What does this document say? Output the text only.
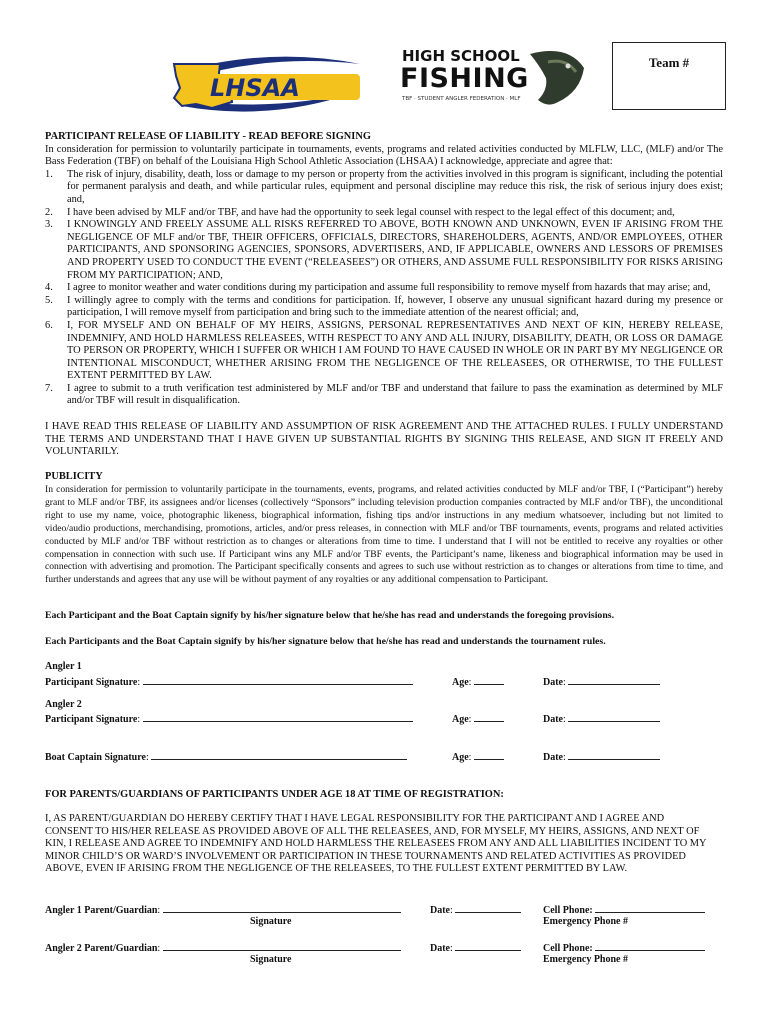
LHSAA
HIGH SCHOOL
FISHING
TBF · STUDENT ANGLER FEDERATION · MLF
Team #
PARTICIPANT RELEASE OF LIABILITY - READ BEFORE SIGNING

In consideration for permission to voluntarily participate in tournaments, events, programs and related activities conducted by MLFLW, LLC, (MLF) and/or The Bass Federation (TBF) on behalf of the Louisiana High School Athletic Association (LHSAA) I acknowledge, appreciate and agree that:

1. The risk of injury, disability, death, loss or damage to my person or property from the activities involved in this program is significant, including the potential for permanent paralysis and death, and while particular rules, equipment and personal discipline may reduce this risk, the risk of serious injury does exist; and,
2. I have been advised by MLF and/or TBF, and have had the opportunity to seek legal counsel with respect to the legal effect of this document; and,
3. I KNOWINGLY AND FREELY ASSUME ALL RISKS REFERRED TO ABOVE, BOTH KNOWN AND UNKNOWN, EVEN IF ARISING FROM THE NEGLIGENCE OF MLF and/or TBF, THEIR OFFICERS, OFFICIALS, DIRECTORS, SHAREHOLDERS, AGENTS, AND/OR EMPLOYEES, OTHER PARTICIPANTS, AND SPONSORING AGENCIES, SPONSORS, ADVERTISERS, AND, IF APPLICABLE, OWNERS AND LESSORS OF PREMISES AND PROPERTY USED TO CONDUCT THE EVENT (“RELEASEES”) OR OTHERS, AND ASSUME FULL RESPONSIBILITY FOR RISKS ARISING FROM MY PARTICIPATION; AND,
4. I agree to monitor weather and water conditions during my participation and assume full responsibility to remove myself from hazards that may arise; and,
5. I willingly agree to comply with the terms and conditions for participation. If, however, I observe any unusual significant hazard during my presence or participation, I will remove myself from participation and bring such to the immediate attention of the nearest official; and,
6. I, FOR MYSELF AND ON BEHALF OF MY HEIRS, ASSIGNS, PERSONAL REPRESENTATIVES AND NEXT OF KIN, HEREBY RELEASE, INDEMNIFY, AND HOLD HARMLESS RELEASEES, WITH RESPECT TO ANY AND ALL INJURY, DISABILITY, DEATH, OR LOSS OR DAMAGE TO PERSON OR PROPERTY, WHICH I SUFFER OR WHICH I AM FOUND TO HAVE CAUSED IN WHOLE OR IN PART BY MY NEGLIGENCE OR INTENTIONAL MISCONDUCT, WHETHER ARISING FROM THE NEGLIGENCE OF THE RELEASEES, OR OTHERWISE, TO THE FULLEST EXTENT PERMITTED BY LAW.
7. I agree to submit to a truth verification test administered by MLF and/or TBF and understand that failure to pass the examination as determined by MLF and/or TBF will result in disqualification.

I HAVE READ THIS RELEASE OF LIABILITY AND ASSUMPTION OF RISK AGREEMENT AND THE ATTACHED RULES. I FULLY UNDERSTAND THE TERMS AND UNDERSTAND THAT I HAVE GIVEN UP SUBSTANTIAL RIGHTS BY SIGNING THIS RELEASE, AND SIGN IT FREELY AND VOLUNTARILY.

PUBLICITY

In consideration for permission to voluntarily participate in the tournaments, events, programs, and related activities conducted by MLF and/or TBF, I (“Participant”) hereby grant to MLF and/or TBF, its assignees and/or licenses (collectively “Sponsors” including television production companies contracted by MLF and/or TBF), the unconditional right to use my name, voice, photographic likeness, biographical information, fishing tips and/or instructions in any medium whatsoever, including but not limited to video/audio productions, merchandising, promotions, articles, and/or press releases, in connection with MLF and/or TBF tournaments, events, programs and related activities conducted by MLF and/or TBF without restriction as to changes or alterations from time to time. I understand that I will not be entitled to receive any royalties or other compensation in connection with such use. If Participant wins any MLF and/or TBF events, the Participant’s name, likeness and biographical information may be used in connection with advertising and promotion. The Participant specifically consents and agrees to such use without restriction as to changes or alterations from time to time, and further understands and agrees that any use will be without payment of any royalties or any additional compensation to Participant.

Each Participant and the Boat Captain signify by his/her signature below that he/she has read and understands the foregoing provisions.

Each Participants and the Boat Captain signify by his/her signature below that he/she has read and understands the tournament rules.

Angler 1
Participant Signature:	Age:	Date:
Angler 2
Participant Signature:	Age:	Date:
Boat Captain Signature:	Age:	Date:
FOR PARENTS/GUARDIANS OF PARTICIPANTS UNDER AGE 18 AT TIME OF REGISTRATION:

I, AS PARENT/GUARDIAN DO HEREBY CERTIFY THAT I HAVE LEGAL RESPONSIBILITY FOR THE PARTICIPANT AND I AGREE AND CONSENT TO HIS/HER RELEASE AS PROVIDED ABOVE OF ALL THE RELEASEES, AND, FOR MYSELF, MY HEIRS, ASSIGNS, AND NEXT OF KIN, I RELEASE AND AGREE TO INDEMNIFY AND HOLD HARMLESS THE RELEASEES FROM ANY AND ALL LIABILITIES INCIDENT TO MY MINOR CHILD’S OR WARD’S INVOLVEMENT OR PARTICIPATION IN THESE TOURNAMENTS AND RELATED ACTIVITIES AS PROVIDED ABOVE, EVEN IF ARISING FROM THE NEGLIGENCE OF THE RELEASEES, TO THE FULLEST EXTENT PERMITTED BY LAW.

Angler 1 Parent/Guardian:
Signature
Date:	Cell Phone:
Emergency Phone #
Angler 2 Parent/Guardian:
Signature
Date:	Cell Phone:
Emergency Phone #
